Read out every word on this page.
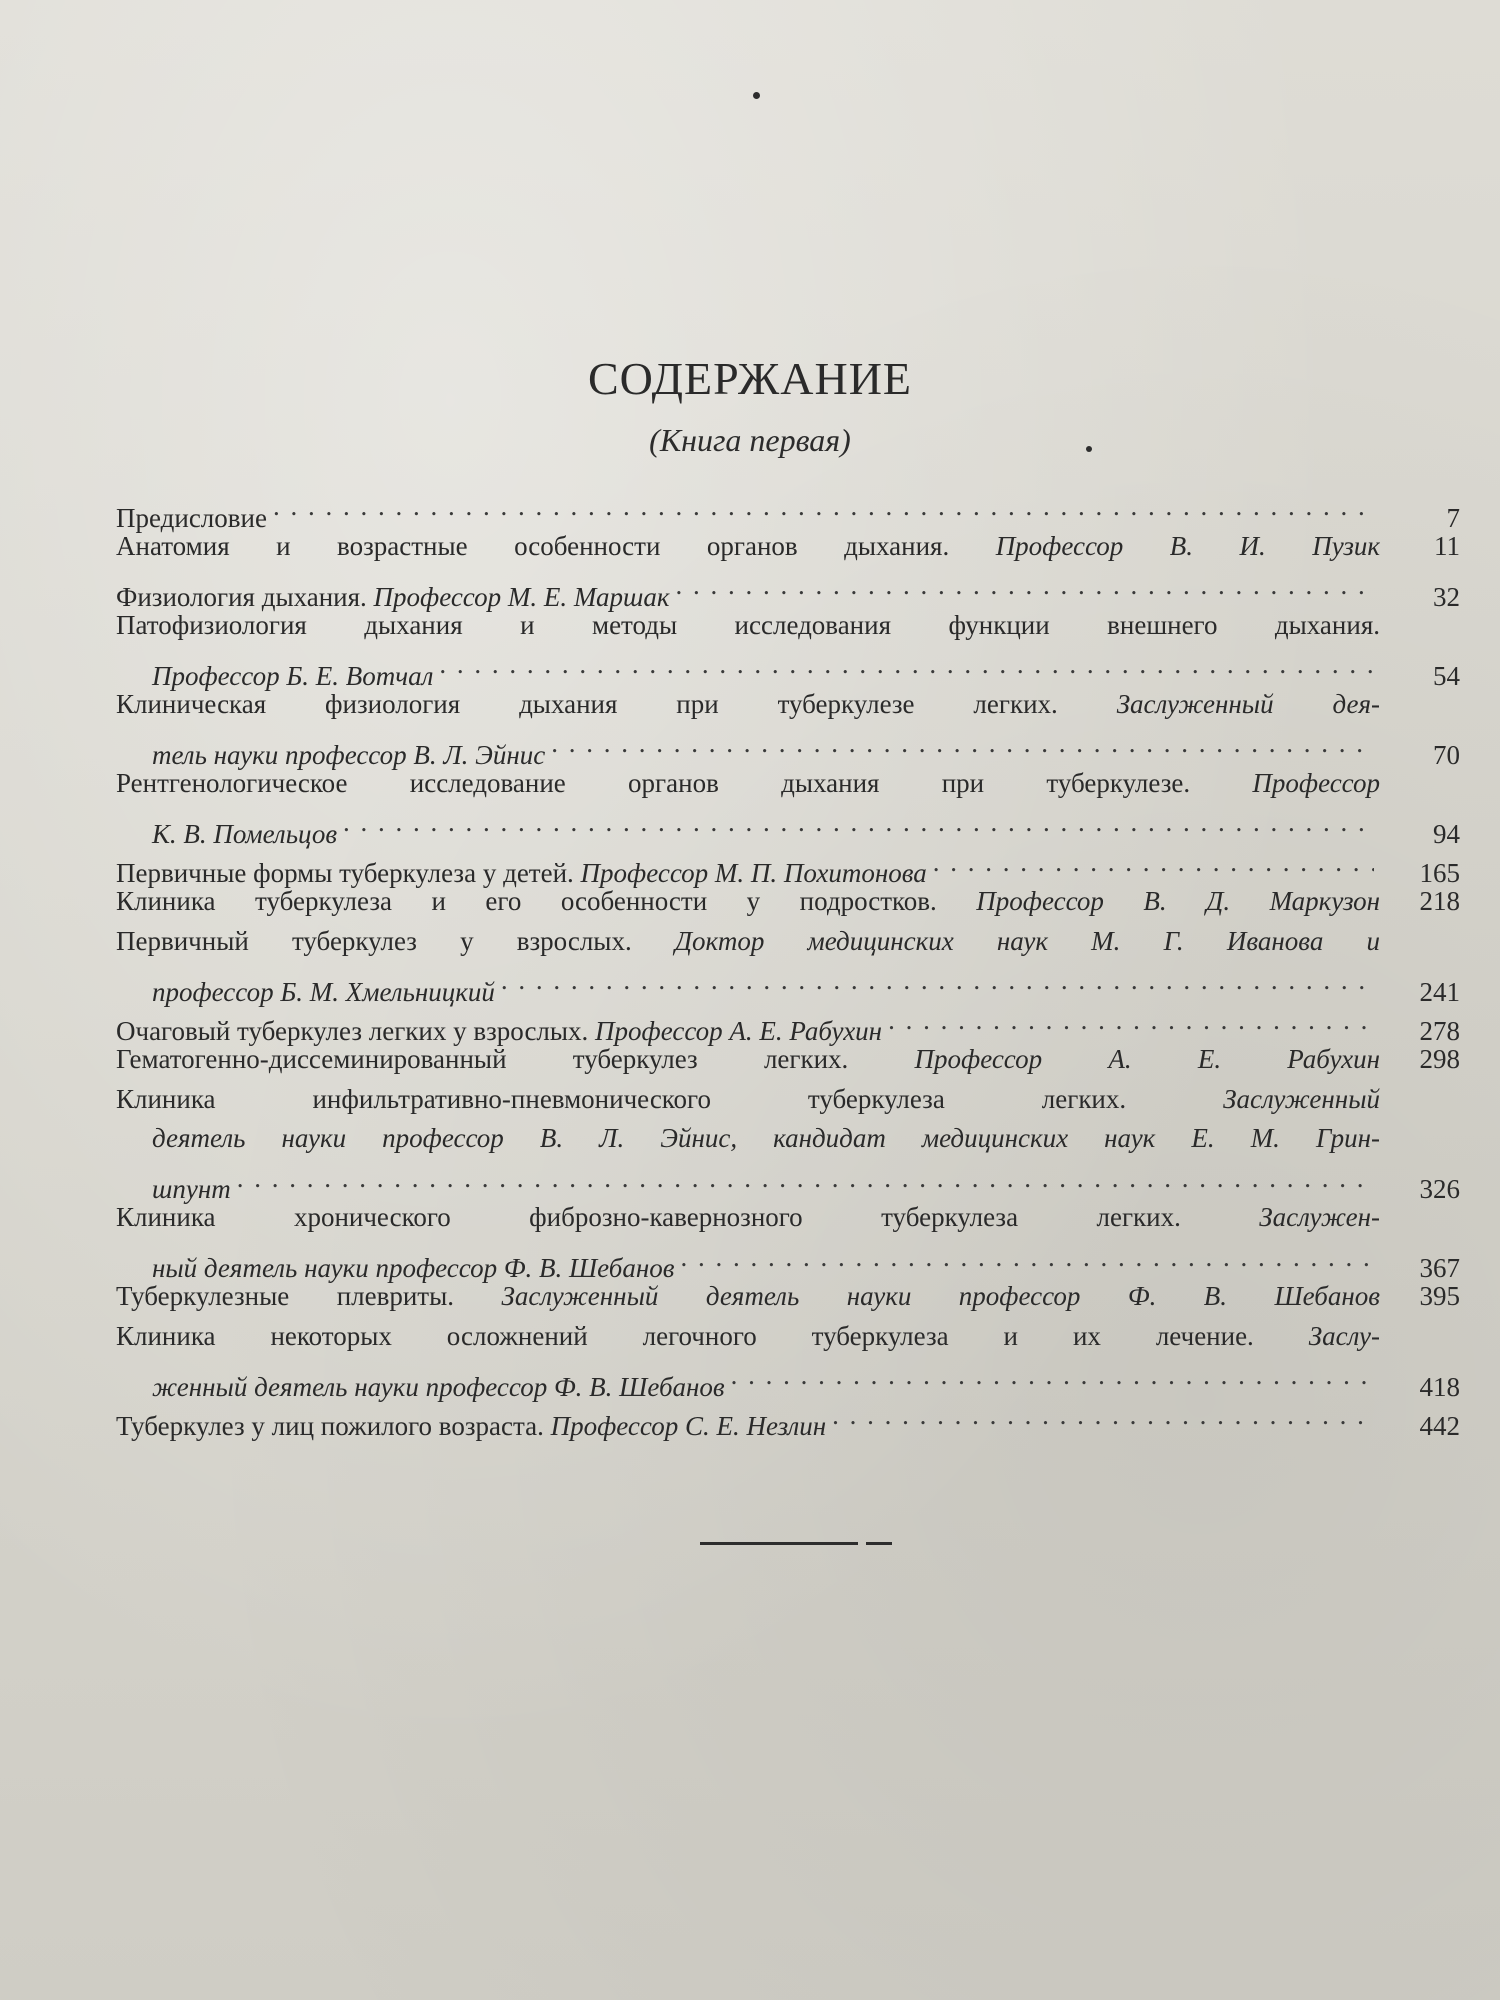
СОДЕРЖАНИЕ
(Книга первая)
Предисловие . . .	7
Анатомия и возрастные особенности органов дыхания. Профессор В. И. Пузик	11
Физиология дыхания. Профессор М. Е. Маршак . . .	32
Патофизиология дыхания и методы исследования функции внешнего дыхания.
Профессор Б. Е. Вотчал . . .	54
Клиническая физиология дыхания при туберкулезе легких. Заслуженный дея-
тель науки профессор В. Л. Эйнис . . .	70
Рентгенологическое исследование органов дыхания при туберкулезе. Профессор
К. В. Помельцов . . .	94
Первичные формы туберкулеза у детей. Профессор М. П. Похитонова . . .	165
Клиника туберкулеза и его особенности у подростков. Профессор В. Д. Маркузон	218
Первичный туберкулез у взрослых. Доктор медицинских наук М. Г. Иванова и
профессор Б. М. Хмельницкий . . .	241
Очаговый туберкулез легких у взрослых. Профессор А. Е. Рабухин . . .	278
Гематогенно-диссеминированный туберкулез легких. Профессор А. Е. Рабухин	298
Клиника инфильтративно-пневмонического туберкулеза легких.	Заслуженный
деятель науки профессор В. Л. Эйнис, кандидат медицинских наук Е. М. Грин-
шпунт . . .	326
Клиника хронического фиброзно-кавернозного туберкулеза легких.	Заслужен-
ный деятель науки профессор Ф. В. Шебанов . . .	367
Туберкулезные плевриты. Заслуженный деятель науки профессор Ф. В. Шебанов	395
Клиника некоторых осложнений легочного туберкулеза и их лечение. Заслу-
женный деятель науки профессор Ф. В. Шебанов . . .	418
Туберкулез у лиц пожилого возраста. Профессор С. Е. Незлин . . .	442
